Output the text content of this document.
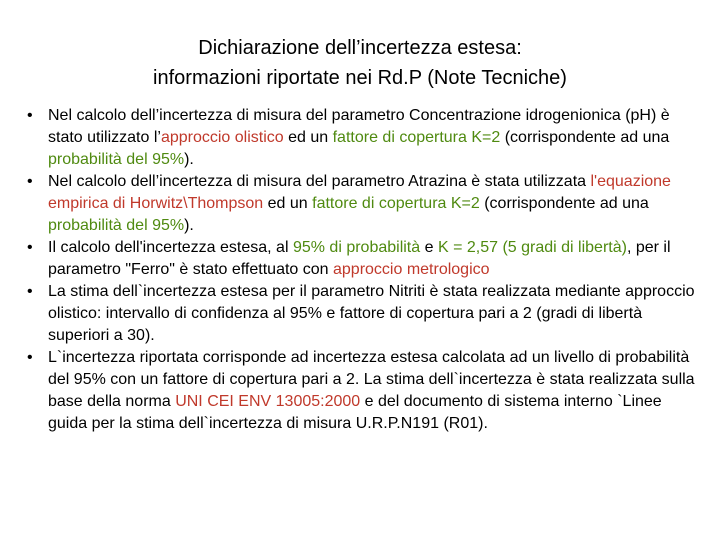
Dichiarazione dell’incertezza estesa:
informazioni riportate nei Rd.P (Note Tecniche)
• Nel calcolo dell’incertezza di misura del parametro Concentrazione idrogenionica (pH) è stato utilizzato l’approccio olistico ed un fattore di copertura K=2 (corrispondente ad una probabilità del 95%).
• Nel calcolo dell’incertezza di misura del parametro Atrazina è stata utilizzata l'equazione empirica di Horwitz\Thompson ed un fattore di copertura K=2 (corrispondente ad una probabilità del 95%).
• Il calcolo dell'incertezza estesa, al 95% di probabilità e K = 2,57 (5 gradi di libertà), per il parametro "Ferro" è stato effettuato con approccio metrologico
• La stima dell`incertezza estesa per il parametro Nitriti è stata realizzata mediante approccio olistico: intervallo di confidenza al 95% e fattore di copertura pari a 2 (gradi di libertà superiori a 30).
• L`incertezza riportata corrisponde ad incertezza estesa calcolata ad un livello di probabilità del 95% con un fattore di copertura pari a 2. La stima dell`incertezza è stata realizzata sulla base della norma UNI CEI ENV 13005:2000 e del documento di sistema interno `Linee guida per la stima dell`incertezza di misura U.R.P.N191 (R01).
